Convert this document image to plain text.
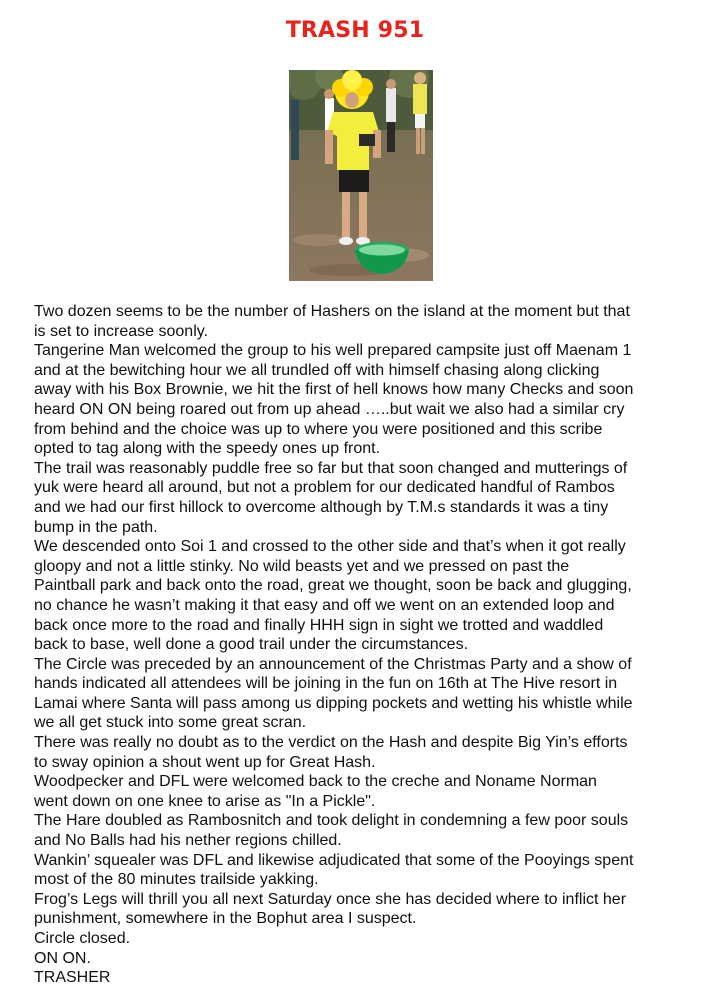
TRASH 951
Two dozen seems to be the number of Hashers on the island at the moment but that
is set to increase soonly.
Tangerine Man welcomed the group to his well prepared campsite just off Maenam 1
and at the bewitching hour we all trundled off with himself chasing along clicking
away with his Box Brownie, we hit the first of hell knows how many Checks and soon
heard ON ON being roared out from up ahead …..but wait we also had a similar cry
from behind and the choice was up to where you were positioned and this scribe
opted to tag along with the speedy ones up front.
The trail was reasonably puddle free so far but that soon changed and mutterings of
yuk were heard all around, but not a problem for our dedicated handful of Rambos
and we had our first hillock to overcome although by T.M.s standards it was a tiny
bump in the path.
We descended onto Soi 1 and crossed to the other side and that’s when it got really
gloopy and not a little stinky. No wild beasts yet and we pressed on past the
Paintball park and back onto the road, great we thought, soon be back and glugging,
no chance he wasn’t making it that easy and off we went on an extended loop and
back once more to the road and finally HHH sign in sight we trotted and waddled
back to base, well done a good trail under the circumstances.
The Circle was preceded by an announcement of the Christmas Party and a show of
hands indicated all attendees will be joining in the fun on 16th at The Hive resort in
Lamai where Santa will pass among us dipping pockets and wetting his whistle while
we all get stuck into some great scran.
There was really no doubt as to the verdict on the Hash and despite Big Yin’s efforts
to sway opinion a shout went up for Great Hash.
Woodpecker and DFL were welcomed back to the creche and Noname Norman
went down on one knee to arise as "In a Pickle".
The Hare doubled as Rambosnitch and took delight in condemning a few poor souls
and No Balls had his nether regions chilled.
Wankin’ squealer was DFL and likewise adjudicated that some of the Pooyings spent
most of the 80 minutes trailside yakking.
Frog’s Legs will thrill you all next Saturday once she has decided where to inflict her
punishment, somewhere in the Bophut area I suspect.
Circle closed.
ON ON.
TRASHER
